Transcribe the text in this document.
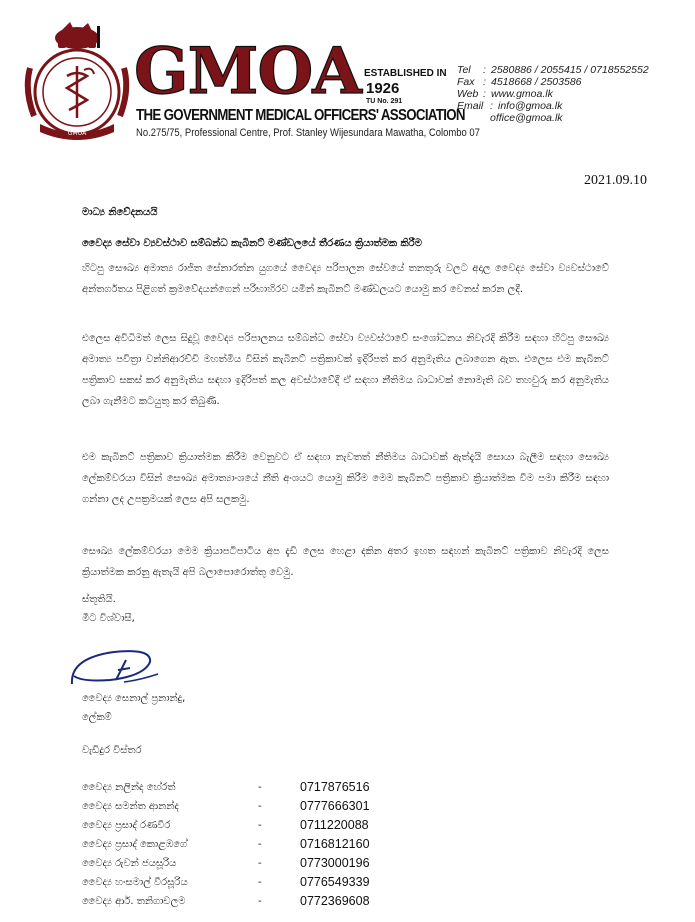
GMOA
GMOA ESTABLISHED IN
1926
TU No. 291
THE GOVERNMENT MEDICAL OFFICERS' ASSOCIATION
No.275/75, Professional Centre, Prof. Stanley Wijesundara Mawatha, Colombo 07
Tel	: 2580886 / 2055415 / 0718552552
Fax : 4518668 / 2503586
Web : www.gmoa.lk
Email : info@gmoa.lk
office@gmoa.lk
2021.09.10

මාධ්‍ය නිවේදනයයි

වෛද්‍ය සේවා ව්‍යවස්ථාව සම්බන්ධ කැබිනට් මණ්ඩලයේ තීරණය ක්‍රියාත්මක කිරීම

හිටපු සෞඛ්‍ය අමාත්‍ය රාජිත සේනාරත්න යුගයේ වෛද්‍ය පරිපාලන සේවයේ තනතුරු වලට අදාල වෛද්‍ය සේවා ව්‍යවස්ථාවේ අන්තර්ගතය පිළිගත් ක්‍රමවේදයන්ගෙන් පරිභාහිරව යමින් කැබිනට් මණ්ඩලයට යොමු කර වෙනස් කරන ලදී.

එලෙස අවිධිමත් ලෙස සිදුවූ වෛද්‍ය පරිපාලනය සම්බන්ධ සේවා ව්‍යවස්ථාවේ සංශෝධනය නිවැරදි කිරීම සඳහා හිටපු සෞඛ්‍ය අමාත්‍ය පවිත්‍රා වන්නිආරච්චි මහත්මිය විසින් කැබිනට් පත්‍රිකාවක් ඉදිරිපත් කර අනුමැතිය ලබාගෙන ඇත. එලෙස එම කැබිනට් පත්‍රිකාව සකස් කර අනුමැතිය සඳහා ඉදිරිපත් කල අවස්ථාවේදී ඒ සඳහා නීතිමය බාධාවක් නොමැති බව තහවුරු කර අනුමැතිය ලබා ගැනීමට කටයුතු කර තිබුණි.

එම කැබිනට් පත්‍රිකාව ක්‍රියාත්මක කිරීම වෙනුවට ඒ සඳහා නැවතත් නීතිමය බාධාවක් ඇත්දැයි සොයා බැලීම සඳහා සෞඛ්‍ය ලේකම්වරයා විසින් සෞඛ්‍ය අමාත්‍යාංශයේ නීති අංශයට යොමු කිරීම මෙම කැබිනට් පත්‍රිකාව ක්‍රියාත්මක වීම පමා කිරීම සඳහා ගන්නා ලද උපක්‍රමයක් ලෙස අපි සලකමු.

සෞඛ්‍ය ලේකම්වරයා මෙම ක්‍රියාපටිපාටිය අප දැඩි ලෙස හෙළා දකින අතර ඉහත සඳහන් කැබිනට් පත්‍රිකාව නිවැරදි ලෙස ක්‍රියාත්මක කරනු ඇතැයි අපි බලාපොරොත්තු වෙමු.

ස්තූතියි.

මීට විශ්වාසී,

වෛද්‍ය සෙනාල් ප්‍රනාන්දු,

ලේකම්

වැඩිදුර විස්තර

වෛද්‍ය නලින්ද හේරත්	-	0717876516
වෛද්‍ය සමන්ත ආනන්ද	-	0777666301
වෛද්‍ය ප්‍රසාද් රණවීර	-	0711220088
වෛද්‍ය ප්‍රසාද් කොළඹගේ	-	0716812160
වෛද්‍ය රුවන් ජයසූරිය	-	0773000196
වෛද්‍ය හංසමාල් වීරසූරිය	-	0776549339
වෛද්‍ය ආර්. තනිගාචලම	-	0772369608
